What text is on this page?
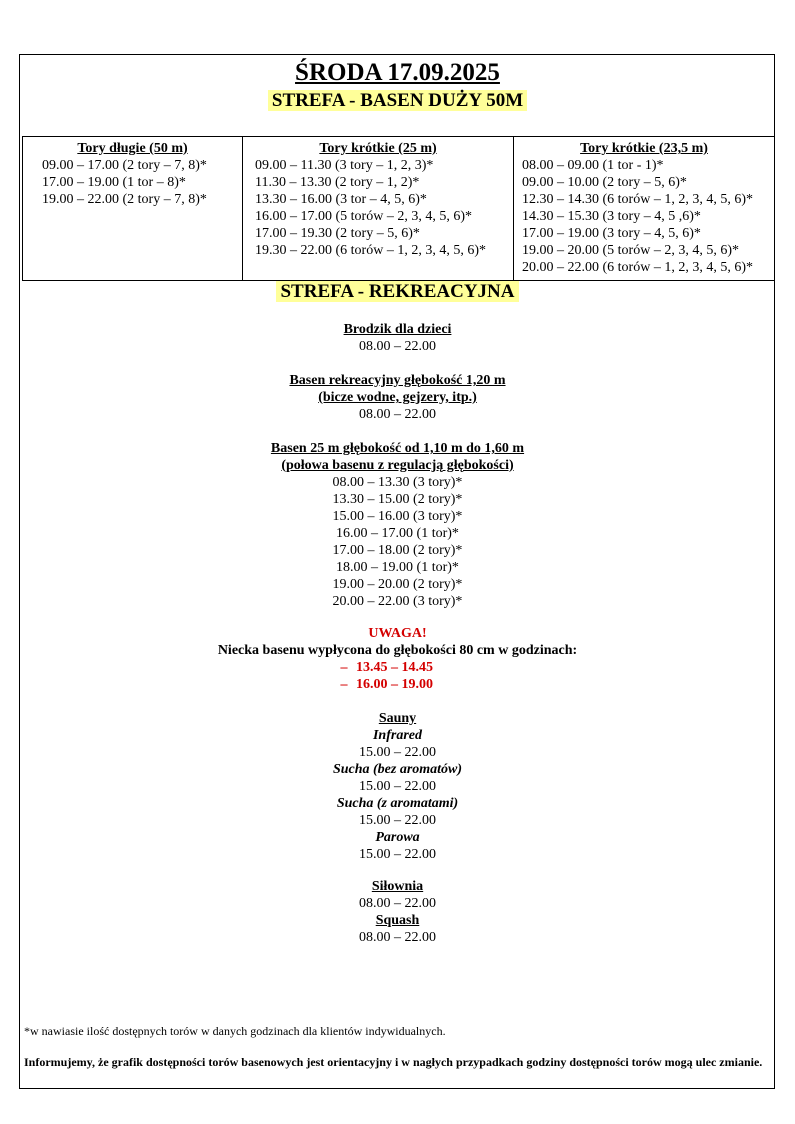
ŚRODA 17.09.2025
STREFA - BASEN DUŻY 50M
Tory długie (50 m)
09.00 – 17.00 (2 tory – 7, 8)*
17.00 – 19.00 (1 tor – 8)*
19.00 – 22.00 (2 tory – 7, 8)*

Tory krótkie (25 m)
09.00 – 11.30 (3 tory – 1, 2, 3)*
11.30 – 13.30 (2 tory – 1, 2)*
13.30 – 16.00 (3 tor – 4, 5, 6)*
16.00 – 17.00 (5 torów – 2, 3, 4, 5, 6)*
17.00 – 19.30 (2 tory – 5, 6)*
19.30 – 22.00 (6 torów – 1, 2, 3, 4, 5, 6)*

Tory krótkie (23,5 m)
08.00 – 09.00 (1 tor - 1)*
09.00 – 10.00 (2 tory – 5, 6)*
12.30 – 14.30 (6 torów – 1, 2, 3, 4, 5, 6)*
14.30 – 15.30 (3 tory – 4, 5 ,6)*
17.00 – 19.00 (3 tory – 4, 5, 6)*
19.00 – 20.00 (5 torów – 2, 3, 4, 5, 6)*
20.00 – 22.00 (6 torów – 1, 2, 3, 4, 5, 6)*
STREFA - REKREACYJNA
Brodzik dla dzieci
08.00 – 22.00
Basen rekreacyjny głębokość 1,20 m
(bicze wodne, gejzery, itp.)
08.00 – 22.00
Basen 25 m głębokość od 1,10 m do 1,60 m
(połowa basenu z regulacją głębokości)
08.00 – 13.30 (3 tory)*
13.30 – 15.00 (2 tory)*
15.00 – 16.00 (3 tory)*
16.00 – 17.00 (1 tor)*
17.00 – 18.00 (2 tory)*
18.00 – 19.00 (1 tor)*
19.00 – 20.00 (2 tory)*
20.00 – 22.00 (3 tory)*
UWAGA!
Niecka basenu wypłycona do głębokości 80 cm w godzinach:
– 13.45 – 14.45
– 16.00 – 19.00
Sauny
Infrared
15.00 – 22.00
Sucha (bez aromatów)
15.00 – 22.00
Sucha (z aromatami)
15.00 – 22.00
Parowa
15.00 – 22.00
Siłownia
08.00 – 22.00
Squash
08.00 – 22.00
*w nawiasie ilość dostępnych torów w danych godzinach dla klientów indywidualnych.
Informujemy, że grafik dostępności torów basenowych jest orientacyjny i w nagłych przypadkach godziny dostępności torów mogą ulec zmianie.
